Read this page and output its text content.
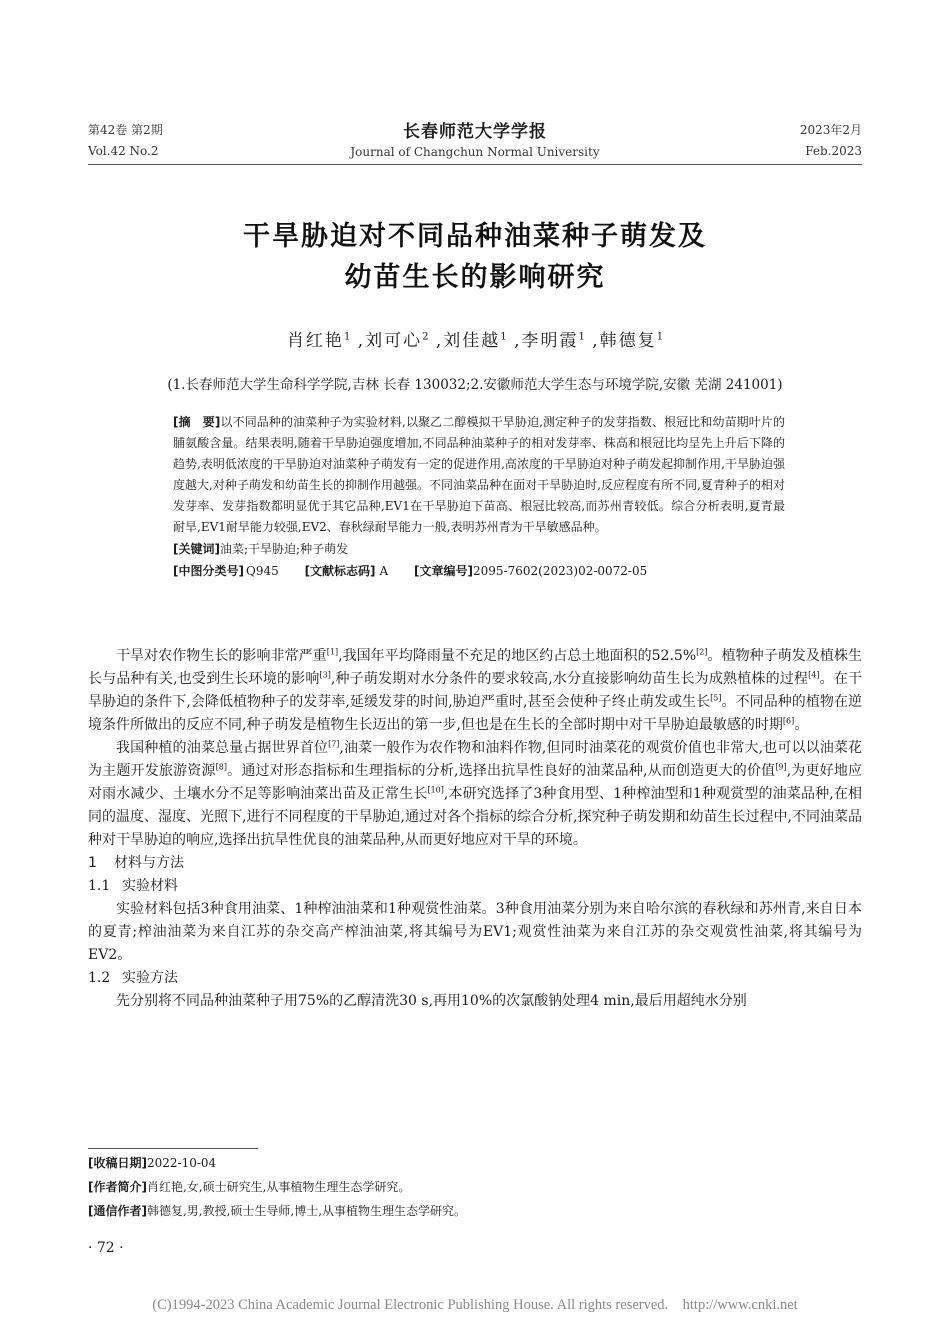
第42卷 第2期
Vol.42 No.2
长春师范大学学报
Journal of Changchun Normal University
2023年2月
Feb.2023
干旱胁迫对不同品种油菜种子萌发及
幼苗生长的影响研究
肖红艳$^1$ ,刘可心$^2$ ,刘佳越$^1$ ,李明霞$^1$ ,韩德复$^1$
(1.长春师范大学生命科学学院,吉林 长春 130032;2.安徽师范大学生态与环境学院,安徽 芜湖 241001)

[摘　要]以不同品种的油菜种子为实验材料,以聚乙二醇模拟干旱胁迫,测定种子的发芽指数、根冠比和幼苗期叶片的脯氨酸含量。结果表明,随着干旱胁迫强度增加,不同品种油菜种子的相对发芽率、株高和根冠比均呈先上升后下降的趋势,表明低浓度的干旱胁迫对油菜种子萌发有一定的促进作用,高浓度的干旱胁迫对种子萌发起抑制作用,干旱胁迫强度越大,对种子萌发和幼苗生长的抑制作用越强。不同油菜品种在面对干旱胁迫时,反应程度有所不同,夏青种子的相对发芽率、发芽指数都明显优于其它品种,EV1在干旱胁迫下苗高、根冠比较高,而苏州青较低。综合分析表明,夏青最耐旱,EV1耐旱能力较强,EV2、春秋绿耐旱能力一般,表明苏州青为干旱敏感品种。

[关键词]油菜;干旱胁迫;种子萌发
[中图分类号] Q945 [文献标志码] A [文章编号]2095-7602(2023)02-0072-05

干旱对农作物生长的影响非常严重[1],我国年平均降雨量不充足的地区约占总土地面积的52.5%[2]。植物种子萌发及植株生长与品种有关,也受到生长环境的影响[3],种子萌发期对水分条件的要求较高,水分直接影响幼苗生长为成熟植株的过程[4]。在干旱胁迫的条件下,会降低植物种子的发芽率,延缓发芽的时间,胁迫严重时,甚至会使种子终止萌发或生长[5]。不同品种的植物在逆境条件所做出的反应不同,种子萌发是植物生长迈出的第一步,但也是在生长的全部时期中对干旱胁迫最敏感的时期[6]。

我国种植的油菜总量占据世界首位[7],油菜一般作为农作物和油料作物,但同时油菜花的观赏价值也非常大,也可以以油菜花为主题开发旅游资源[8]。通过对形态指标和生理指标的分析,选择出抗旱性良好的油菜品种,从而创造更大的价值[9],为更好地应对雨水减少、土壤水分不足等影响油菜出苗及正常生长[10],本研究选择了3种食用型、1种榨油型和1种观赏型的油菜品种,在相同的温度、湿度、光照下,进行不同程度的干旱胁迫,通过对各个指标的综合分析,探究种子萌发期和幼苗生长过程中,不同油菜品种对干旱胁迫的响应,选择出抗旱性优良的油菜品种,从而更好地应对干旱的环境。

1 材料与方法
1.1 实验材料

实验材料包括3种食用油菜、1种榨油油菜和1种观赏性油菜。3种食用油菜分别为来自哈尔滨的春秋绿和苏州青,来自日本的夏青;榨油油菜为来自江苏的杂交高产榨油油菜,将其编号为EV1;观赏性油菜为来自江苏的杂交观赏性油菜,将其编号为EV2。

1.2 实验方法

先分别将不同品种油菜种子用75%的乙醇清洗30 s,再用10%的次氯酸钠处理4 min,最后用超纯水分别

[收稿日期]2022-10-04
[作者简介]肖红艳,女,硕士研究生,从事植物生理生态学研究。
[通信作者]韩德复,男,教授,硕士生导师,博士,从事植物生理生态学研究。
· 72 ·
(C)1994-2023 China Academic Journal Electronic Publishing House. All rights reserved.    http://www.cnki.net
